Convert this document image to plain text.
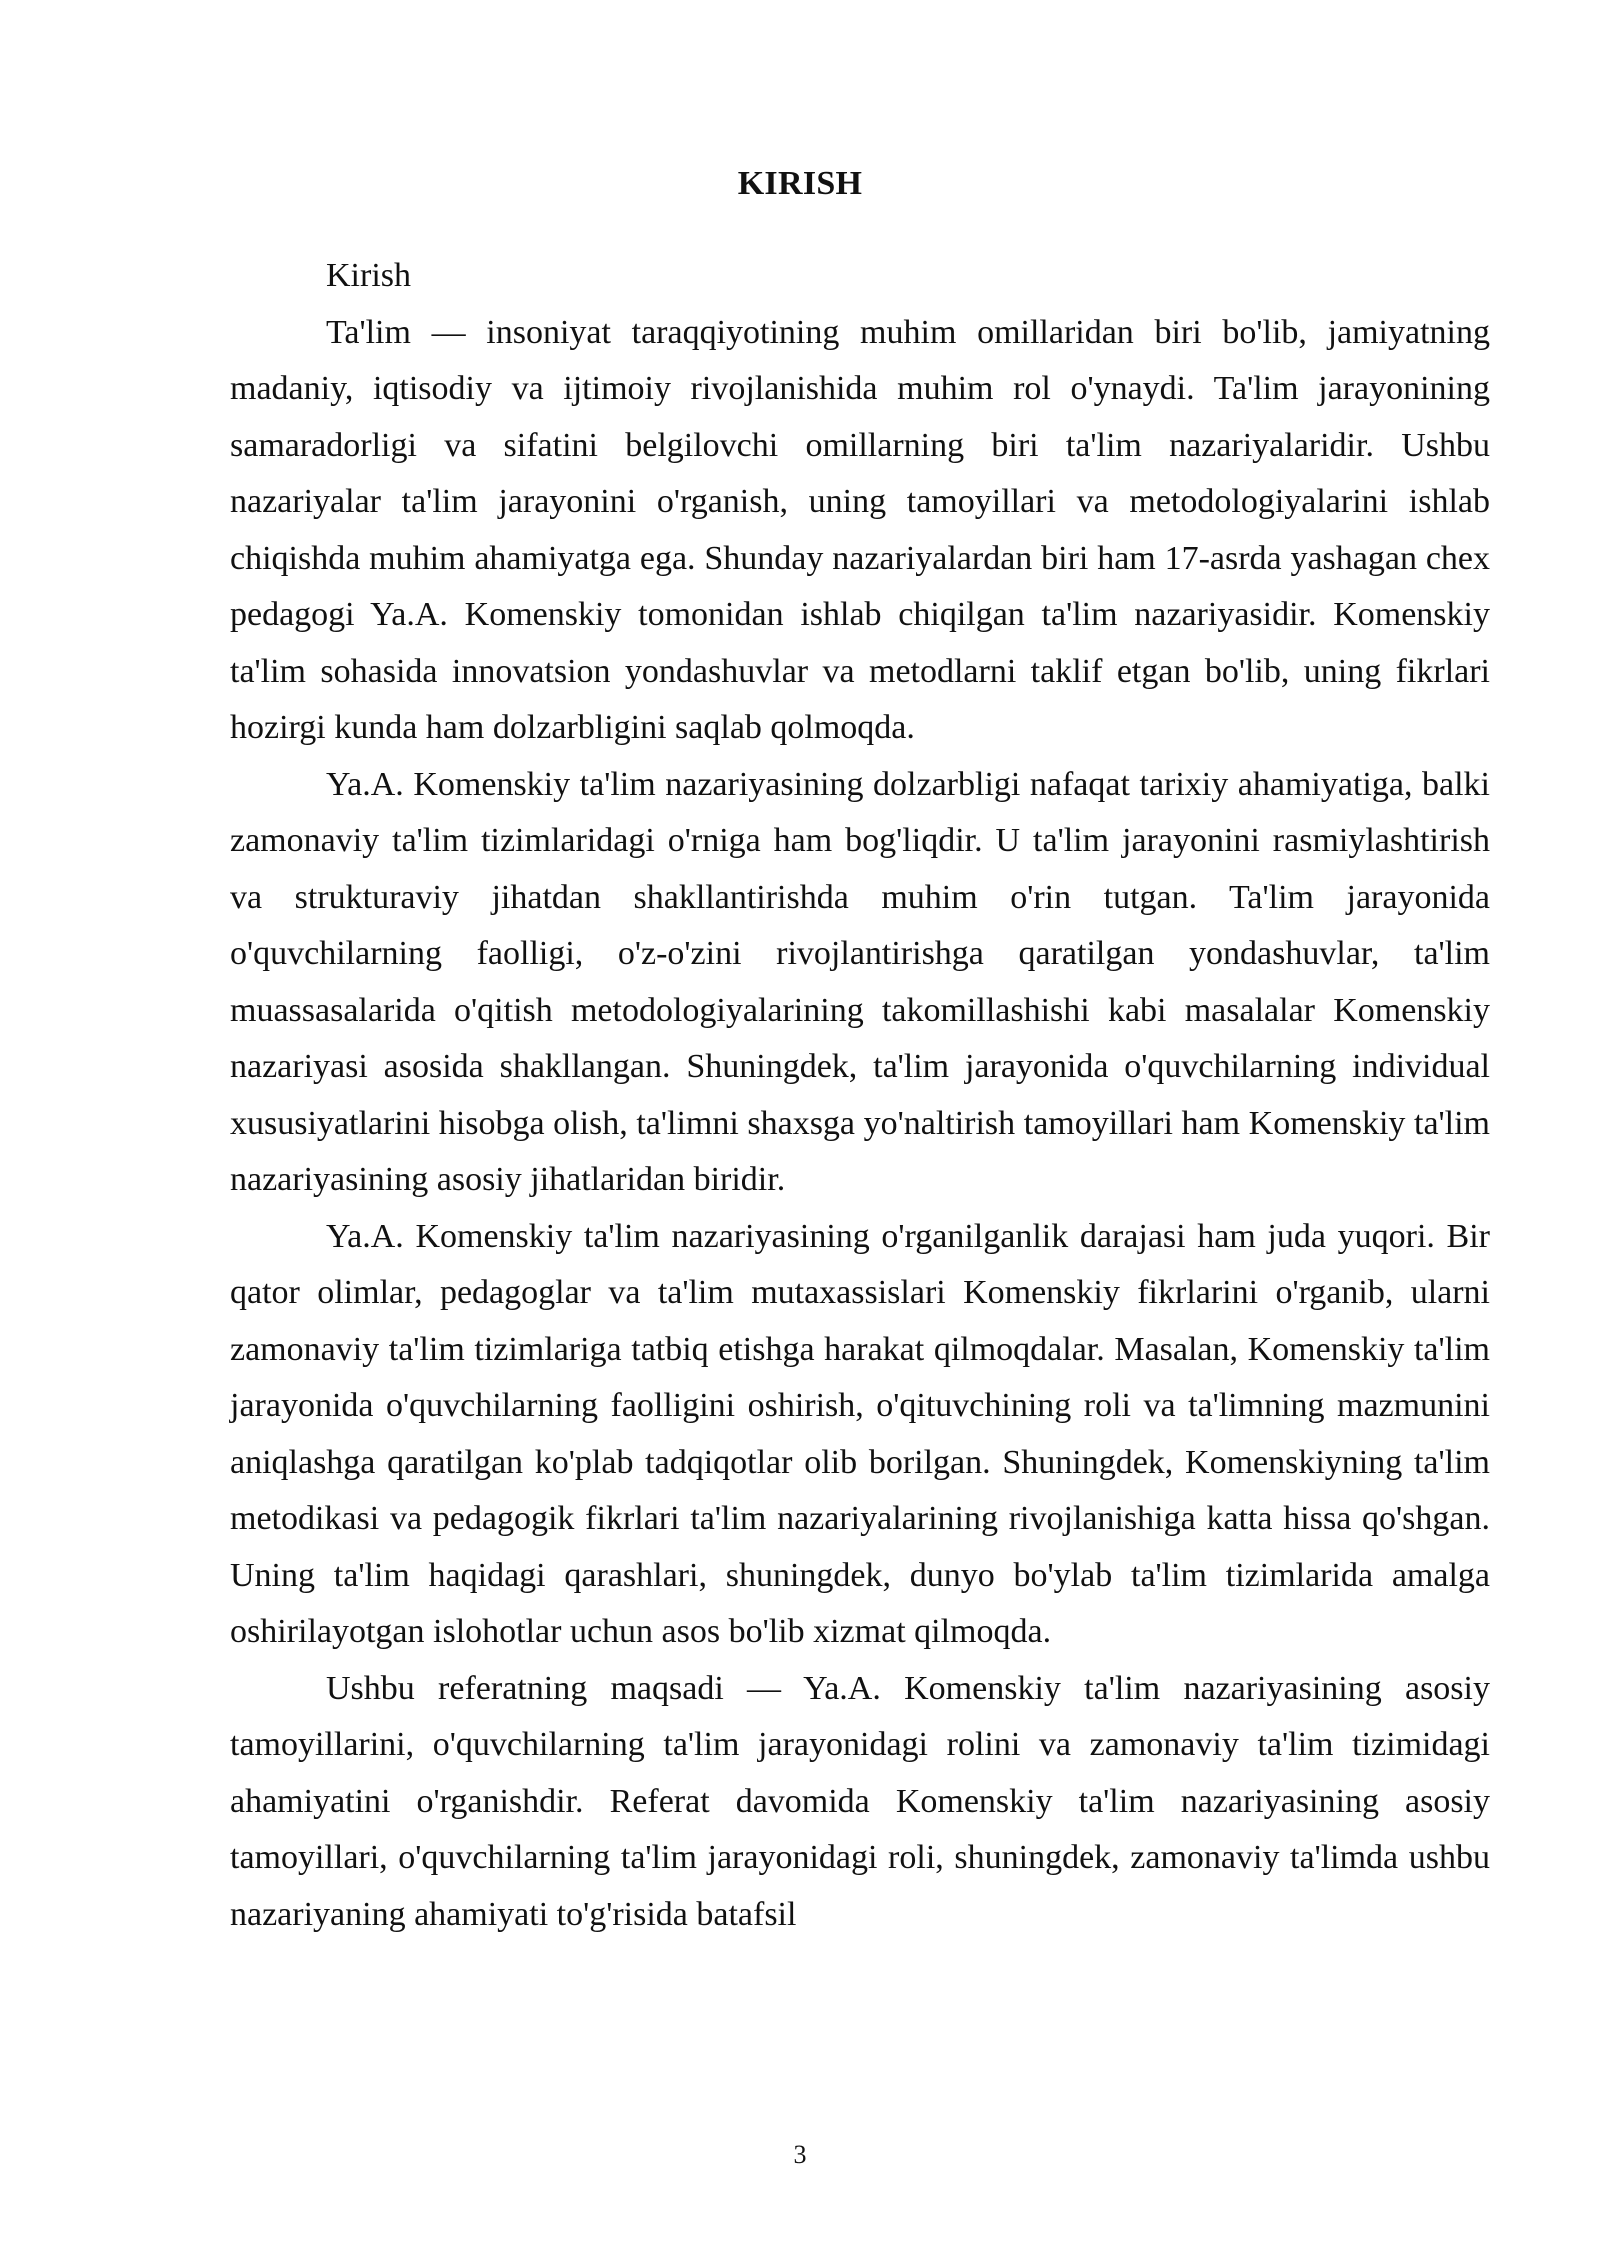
KIRISH

Kirish

Ta'lim — insoniyat taraqqiyotining muhim omillaridan biri bo'lib, jamiyatning madaniy, iqtisodiy va ijtimoiy rivojlanishida muhim rol o'ynaydi. Ta'lim jarayonining samaradorligi va sifatini belgilovchi omillarning biri ta'lim nazariyalaridir. Ushbu nazariyalar ta'lim jarayonini o'rganish, uning tamoyillari va metodologiyalarini ishlab chiqishda muhim ahamiyatga ega. Shunday nazariyalardan biri ham 17-asrda yashagan chex pedagogi Ya.A. Komenskiy tomonidan ishlab chiqilgan ta'lim nazariyasidir. Komenskiy ta'lim sohasida innovatsion yondashuvlar va metodlarni taklif etgan bo'lib, uning fikrlari hozirgi kunda ham dolzarbligini saqlab qolmoqda.

Ya.A. Komenskiy ta'lim nazariyasining dolzarbligi nafaqat tarixiy ahamiyatiga, balki zamonaviy ta'lim tizimlaridagi o'rniga ham bog'liqdir. U ta'lim jarayonini rasmiylashtirish va strukturaviy jihatdan shakllantirishda muhim o'rin tutgan. Ta'lim jarayonida o'quvchilarning faolligi, o'z-o'zini rivojlantirishga qaratilgan yondashuvlar, ta'lim muassasalarida o'qitish metodologiyalarining takomillashishi kabi masalalar Komenskiy nazariyasi asosida shakllangan. Shuningdek, ta'lim jarayonida o'quvchilarning individual xususiyatlarini hisobga olish, ta'limni shaxsga yo'naltirish tamoyillari ham Komenskiy ta'lim nazariyasining asosiy jihatlaridan biridir.

Ya.A. Komenskiy ta'lim nazariyasining o'rganilganlik darajasi ham juda yuqori. Bir qator olimlar, pedagoglar va ta'lim mutaxassislari Komenskiy fikrlarini o'rganib, ularni zamonaviy ta'lim tizimlariga tatbiq etishga harakat qilmoqdalar. Masalan, Komenskiy ta'lim jarayonida o'quvchilarning faolligini oshirish, o'qituvchining roli va ta'limning mazmunini aniqlashga qaratilgan ko'plab tadqiqotlar olib borilgan. Shuningdek, Komenskiyning ta'lim metodikasi va pedagogik fikrlari ta'lim nazariyalarining rivojlanishiga katta hissa qo'shgan. Uning ta'lim haqidagi qarashlari, shuningdek, dunyo bo'ylab ta'lim tizimlarida amalga oshirilayotgan islohotlar uchun asos bo'lib xizmat qilmoqda.

Ushbu referatning maqsadi — Ya.A. Komenskiy ta'lim nazariyasining asosiy tamoyillarini, o'quvchilarning ta'lim jarayonidagi rolini va zamonaviy ta'lim tizimidagi ahamiyatini o'rganishdir. Referat davomida Komenskiy ta'lim nazariyasining asosiy tamoyillari, o'quvchilarning ta'lim jarayonidagi roli, shuningdek, zamonaviy ta'limda ushbu nazariyaning ahamiyati to'g'risida batafsil

3
